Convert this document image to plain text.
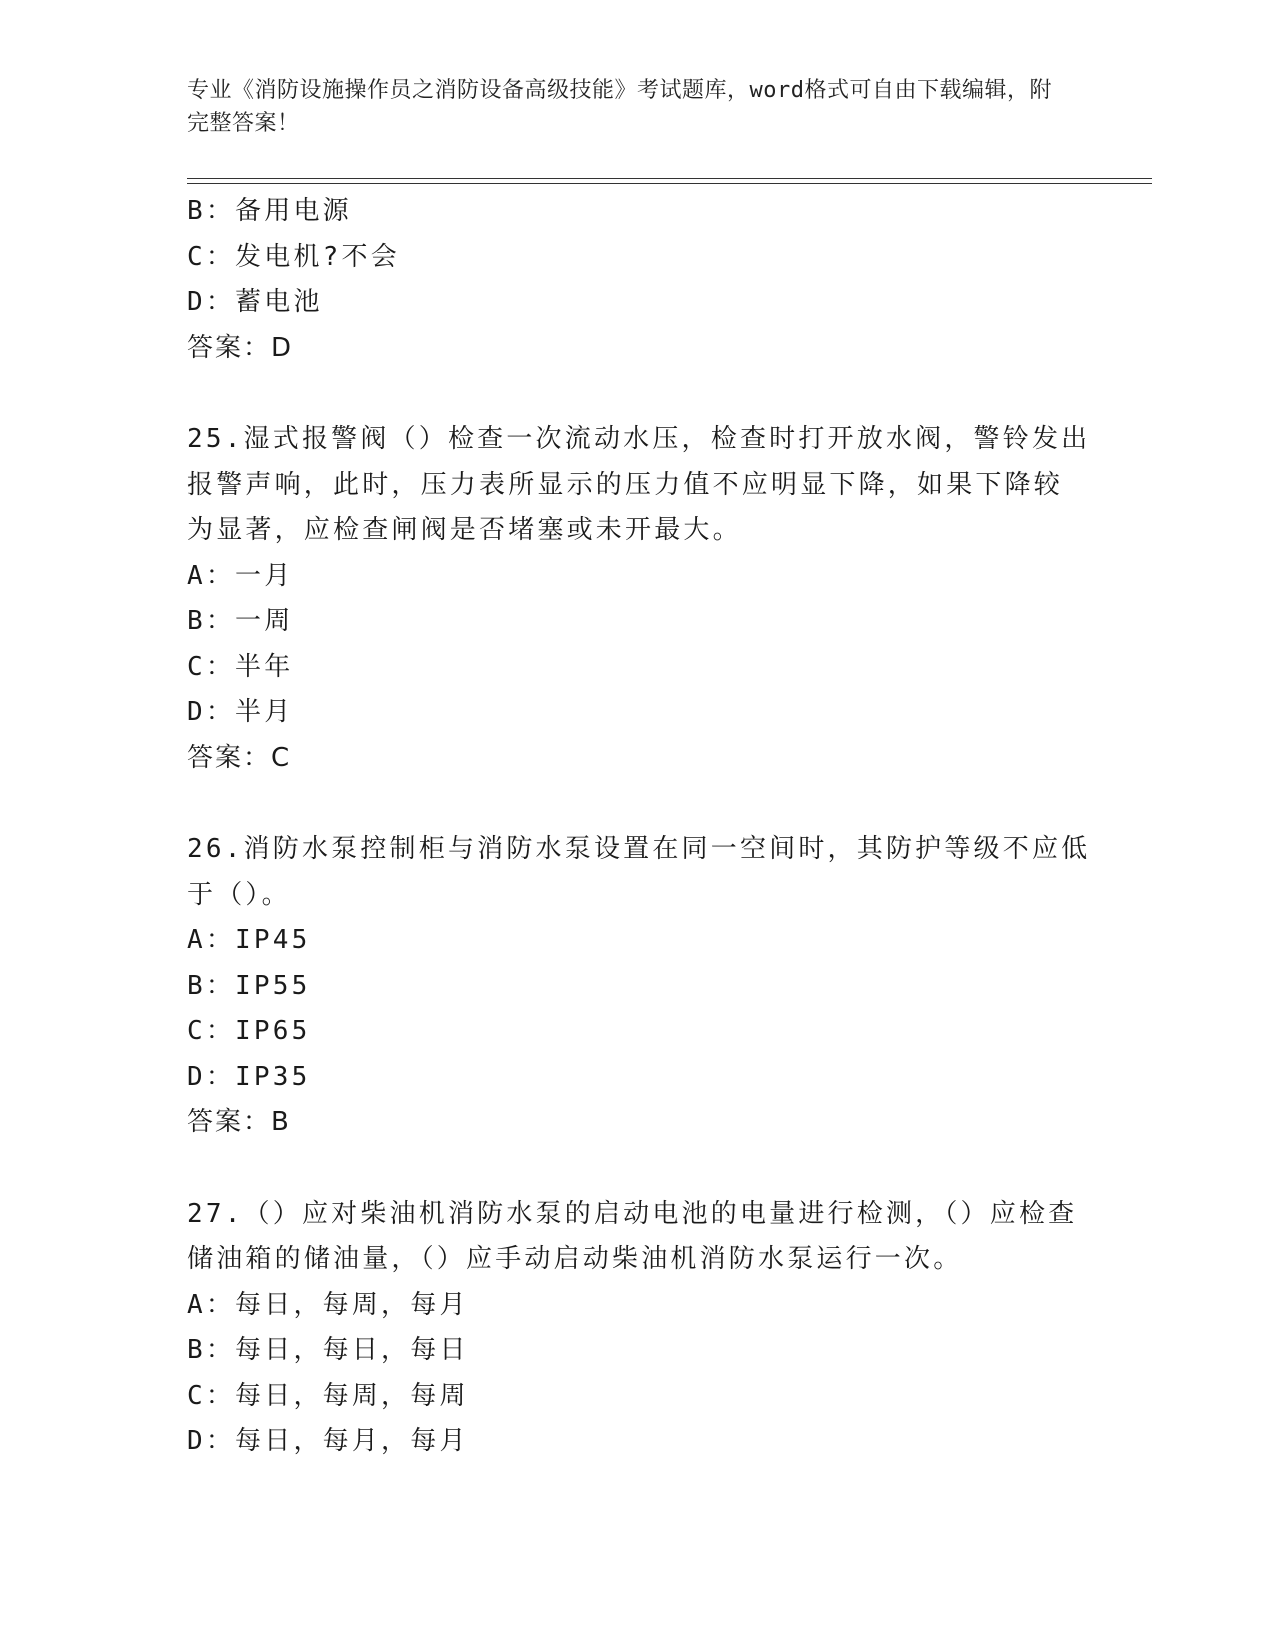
专业《消防设施操作员之消防设备高级技能》考试题库，word格式可自由下载编辑，附完整答案！
B：备用电源
C：发电机?不会
D：蓄电池
答案：D
25.湿式报警阀（）检查一次流动水压，检查时打开放水阀，警铃发出
报警声响，此时，压力表所显示的压力值不应明显下降，如果下降较
为显著，应检查闸阀是否堵塞或未开最大。
A：一月
B：一周
C：半年
D：半月
答案：C
26.消防水泵控制柜与消防水泵设置在同一空间时，其防护等级不应低
于（）。
A：IP45
B：IP55
C：IP65
D：IP35
答案：B
27.（）应对柴油机消防水泵的启动电池的电量进行检测，（）应检查
储油箱的储油量，（）应手动启动柴油机消防水泵运行一次。
A：每日，每周，每月
B：每日，每日，每日
C：每日，每周，每周
D：每日，每月，每月
